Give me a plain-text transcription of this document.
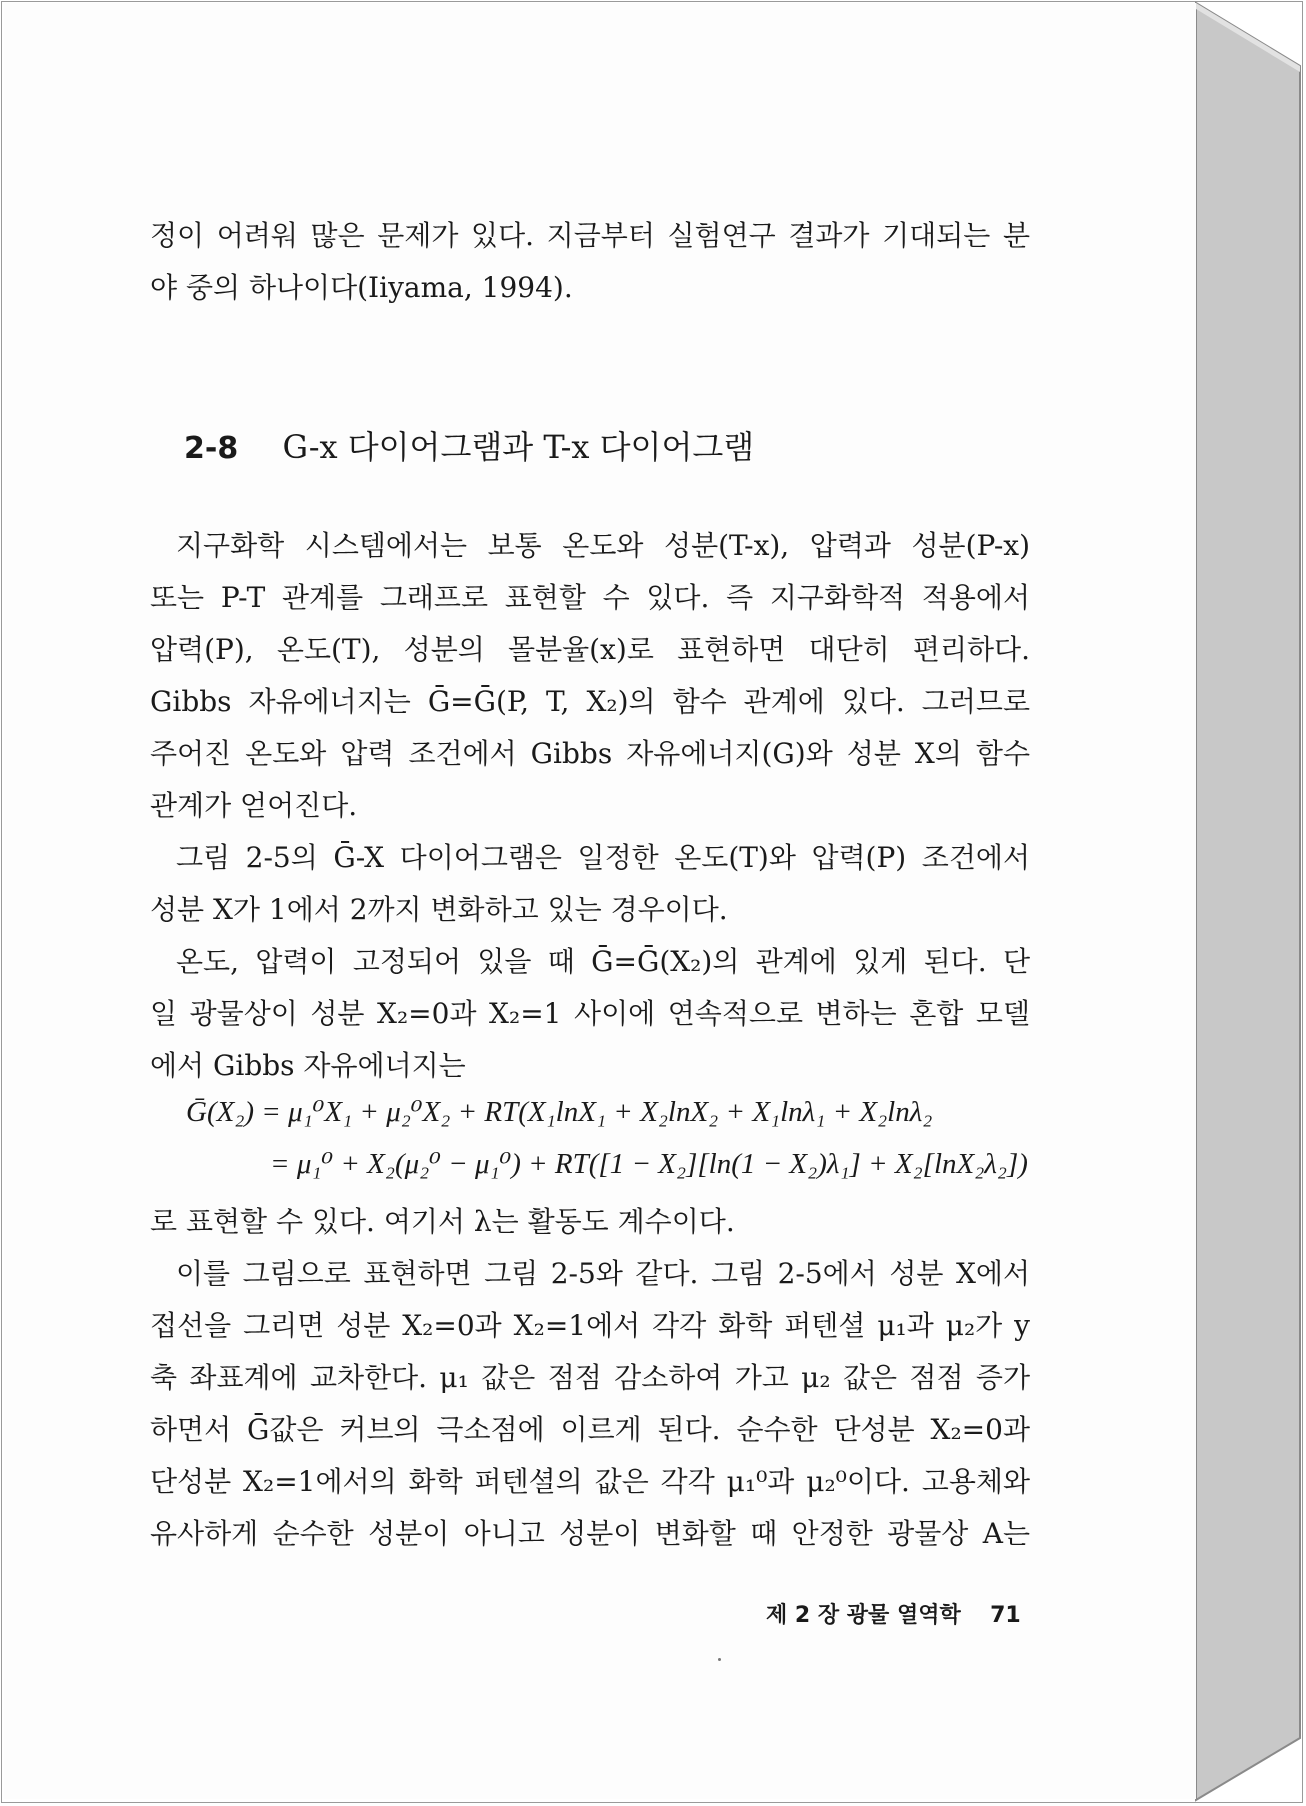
정이 어려워 많은 문제가 있다. 지금부터 실험연구 결과가 기대되는 분
야 중의 하나이다(Iiyama, 1994).
2-8 G-x 다이어그램과 T-x 다이어그램
지구화학 시스템에서는 보통 온도와 성분(T-x), 압력과 성분(P-x)
또는 P-T 관계를 그래프로 표현할 수 있다. 즉 지구화학적 적용에서
압력(P), 온도(T), 성분의 몰분율(x)로 표현하면 대단히 편리하다.
Gibbs 자유에너지는 Ḡ=Ḡ(P, T, X₂)의 함수 관계에 있다. 그러므로
주어진 온도와 압력 조건에서 Gibbs 자유에너지(G)와 성분 X의 함수
관계가 얻어진다.
그림 2-5의 Ḡ-X 다이어그램은 일정한 온도(T)와 압력(P) 조건에서
성분 X가 1에서 2까지 변화하고 있는 경우이다.
온도, 압력이 고정되어 있을 때 Ḡ=Ḡ(X₂)의 관계에 있게 된다. 단
일 광물상이 성분 X₂=0과 X₂=1 사이에 연속적으로 변하는 혼합 모델
에서 Gibbs 자유에너지는
Ḡ(X₂) = μ₁⁰X₁ + μ₂⁰X₂ + RT(X₁lnX₁ + X₂lnX₂ + X₁lnλ₁ + X₂lnλ₂
= μ₁⁰ + X₂(μ₂⁰ − μ₁⁰) + RT([1 − X₂][ln(1 − X₂)λ₁] + X₂[lnX₂λ₂])
로 표현할 수 있다. 여기서 λ는 활동도 계수이다.
이를 그림으로 표현하면 그림 2-5와 같다. 그림 2-5에서 성분 X에서
접선을 그리면 성분 X₂=0과 X₂=1에서 각각 화학 퍼텐셜 μ₁과 μ₂가 y
축 좌표계에 교차한다. μ₁ 값은 점점 감소하여 가고 μ₂ 값은 점점 증가
하면서 Ḡ값은 커브의 극소점에 이르게 된다. 순수한 단성분 X₂=0과
단성분 X₂=1에서의 화학 퍼텐셜의 값은 각각 μ₁⁰과 μ₂⁰이다. 고용체와
유사하게 순수한 성분이 아니고 성분이 변화할 때 안정한 광물상 A는
제 2 장 광물 열역학 71
